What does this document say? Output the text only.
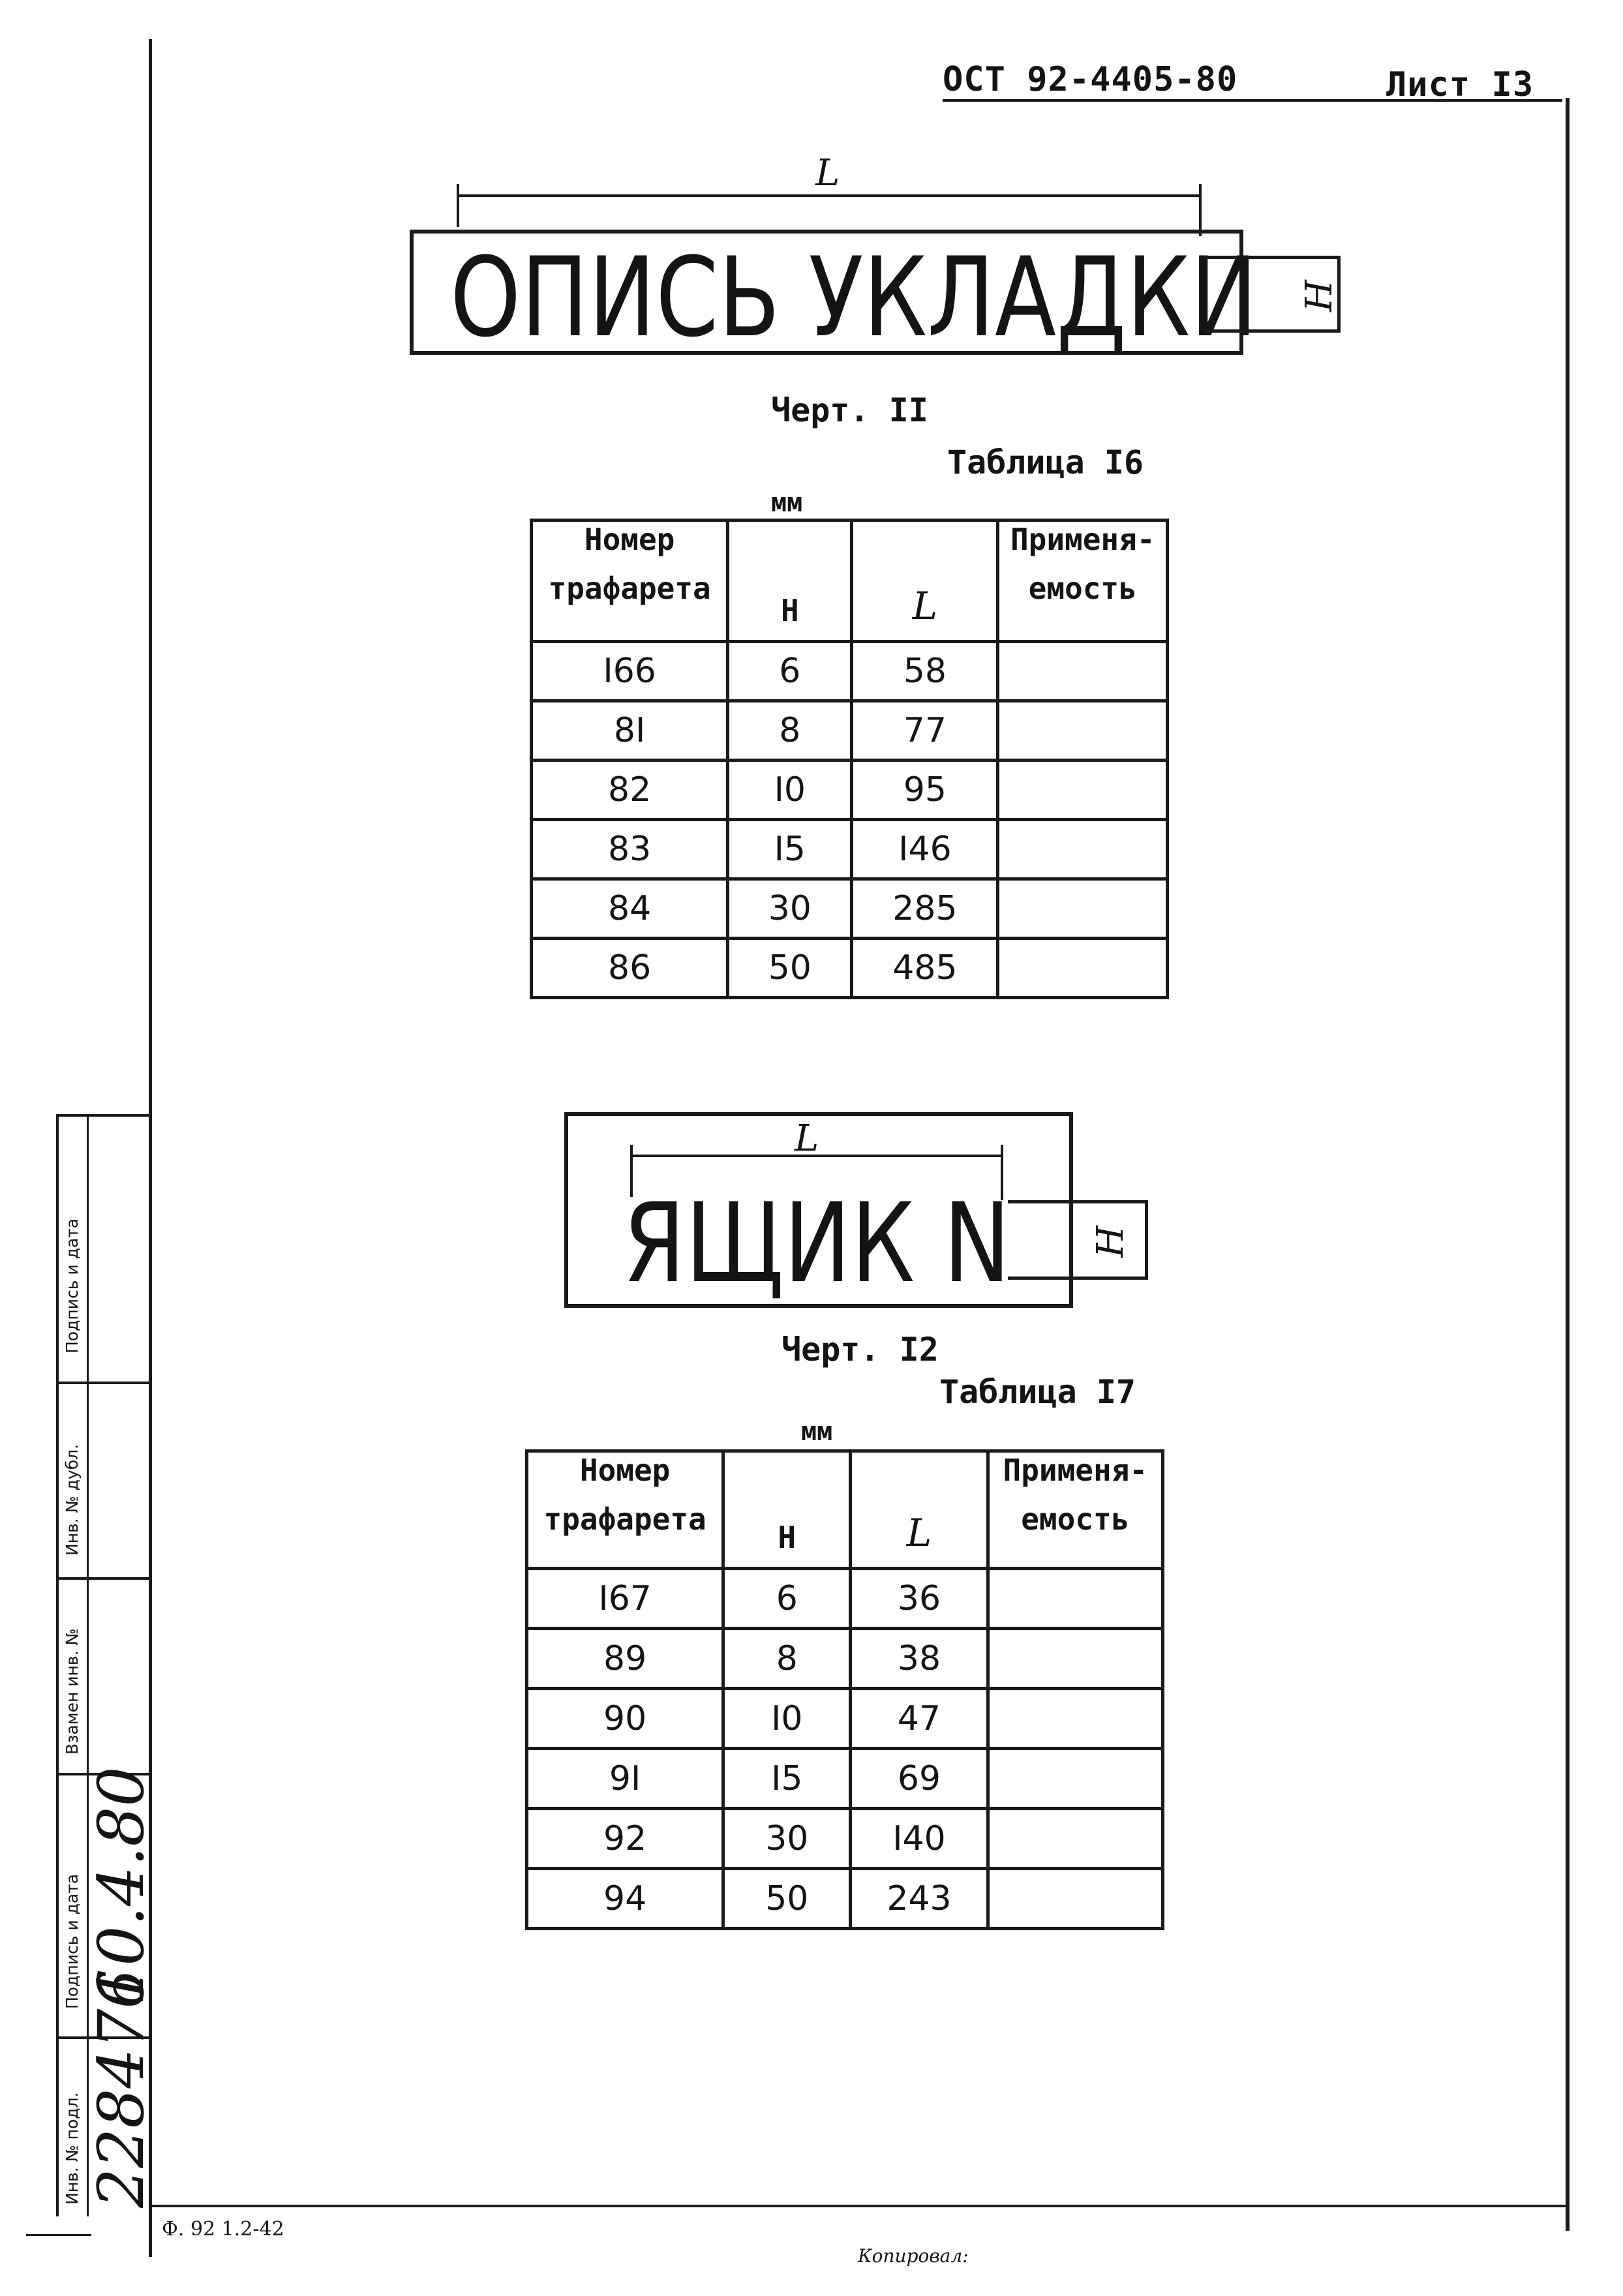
ОСТ 92-4405-80	Лист I3
L
ОПИСЬ УКЛАДКИ H
Черт. II
Таблица I6
мм
Номер
трафарета	H	L	Применя-
емость
I66	6	58	
8I	8	77	
82	I0	95	
83	I5	I46	
84	30	285	
86	50	485	
L
ЯЩИК N H
Черт. I2
Таблица I7
мм
Номер
трафарета	H	L	Применя-
емость
I67	6	36	
89	8	38	
90	I0	47	
9I	I5	69	
92	30	I40	
94	50	243	
Подпись и дата
Инв. № дубл.
Взамен инв. №
Подпись и дата
Инв. № подл.
10.4.80
228476
Ф. 92 1.2-42
Копировал:
